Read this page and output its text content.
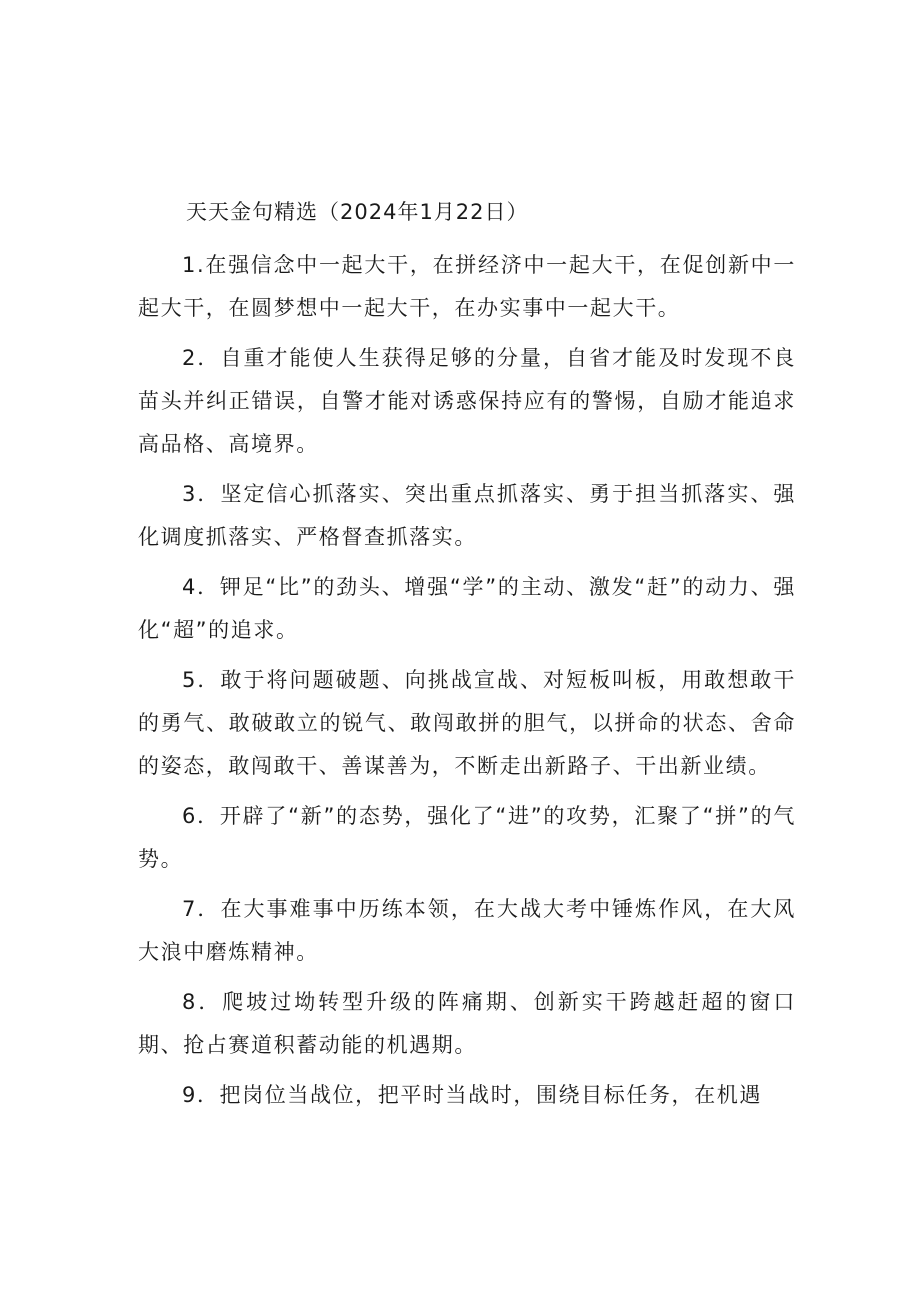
天天金句精选（2024年1月22日）

1.在强信念中一起大干，在拼经济中一起大干，在促创新中一起大干，在圆梦想中一起大干，在办实事中一起大干。

2．自重才能使人生获得足够的分量，自省才能及时发现不良苗头并纠正错误，自警才能对诱惑保持应有的警惕，自励才能追求高品格、高境界。

3．坚定信心抓落实、突出重点抓落实、勇于担当抓落实、强化调度抓落实、严格督查抓落实。

4．钾足“比”的劲头、增强“学”的主动、激发“赶”的动力、强化“超”的追求。

5．敢于将问题破题、向挑战宣战、对短板叫板，用敢想敢干的勇气、敢破敢立的锐气、敢闯敢拼的胆气，以拼命的状态、舍命的姿态，敢闯敢干、善谋善为，不断走出新路子、干出新业绩。

6．开辟了“新”的态势，强化了“进”的攻势，汇聚了“拼”的气势。

7．在大事难事中历练本领，在大战大考中锤炼作风，在大风大浪中磨炼精神。

8．爬坡过坳转型升级的阵痛期、创新实干跨越赶超的窗口期、抢占赛道积蓄动能的机遇期。

9．把岗位当战位，把平时当战时，围绕目标任务，在机遇
